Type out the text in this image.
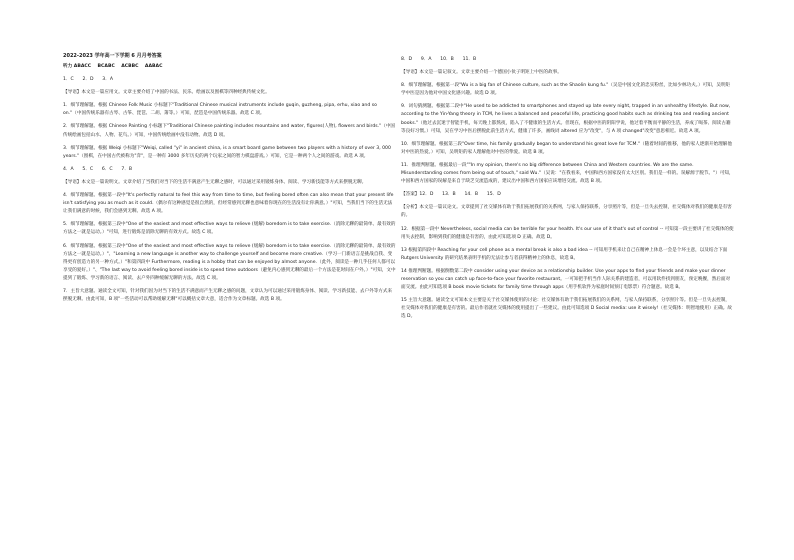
2022-2023 学年高一下学期 6 月月考答案

听力 ABACC    BCABC    ACBBC    AABAC

1．C      2．D      3．A

【导语】本文是一篇应用文。文章主要介绍了中国的书法、民乐、绘画以及围棋等四种经典传统文化。

1．细节理解题。根据 Chinese Folk Music 小标题下"Traditional Chinese musical instruments include guqin, guzheng, pipa, erhu, xiao and so on."（中国传统乐器有古琴、古筝、琵琶、二胡、箫等。）可知，琵琶是中国传统乐器。故选 C 项。

2．细节理解题。根据 Chinese Painting 小标题下"Traditional Chinese painting includes mountains and water, figures(人物), flowers and birds."（中国传统绘画包括山水、人物、花鸟。）可知，中国传统绘画中没有动物。故选 D 项。

3．细节理解题。根据 Weiqi 小标题下"Weiqi, called "yi" in ancient china, is a smart board game between two players with a history of over 3, 000 years."（围棋，在中国古代被称为"弈"，是一种有 3000 多年历史的两个玩家之间的智力棋盘游戏。）可知，它是一种两个人之间的游戏。故选 A 项。

4．A      5．C      6．C      7．B

【导语】本文是一篇说明文。文章介绍了当我们对当下的生活不满意产生无聊之感时，可以通过采用锻炼身体、阅读、学习新技能等方式来摆脱无聊。

4．细节理解题。根据第一段中"It's perfectly natural to feel this way from time to time, but feeling bored often can also mean that your present life isn't satisfying you as much as it could.（偶尔有这种感觉是很自然的，但经常感到无聊也意味着你现在的生活没有让你满意。）"可知，当我们当下的生活无法让我们满意的时候，我们会感到无聊。故选 A 项。

5．细节理解题。根据第三段中"One of the easiest and most effective ways to relieve (缓解) boredom is to take exercise.（消除无聊的最简单、最有效的方法之一就是运动。）"可知，进行锻炼是消除无聊的有效方式。故选 C 项。

6．细节理解题。根据第三段中"One of the easiest and most effective ways to relieve (缓解) boredom is to take exercise.（消除无聊的最简单、最有效的方法之一就是运动。）"、"Learning a new language is another way to challenge yourself and become more creative.（学习一门新语言是挑战自我、变得更有创造力的另一种方式。）"和第四段中 Furthermore, reading is a hobby that can be enjoyed by almost anyone.（此外，阅读是一种几乎任何人都可以享受的爱好。）"、"The last way to avoid feeling bored inside is to spend time outdoors（避免内心感到无聊的最后一个方法是花时间在户外。）"可知，文中提到了锻炼、学习新的语言、阅读、去户外四种缓解无聊的方法。故选 C 项。

7．主旨大意题。通读全文可知，针对我们因为对当下的生活不满意而产生无聊之感的问题，文章认为可以通过采用锻炼身体、阅读、学习新技能、去户外等方式来摆脱无聊。由此可知，B 项"一些活动可以帮助缓解无聊"可以概括文章大意，适合作为文章标题。故选 B 项。

8．D      9．A      10．B      11．B

【导语】本文是一篇记叙文。文章主要介绍一个德国小伙子明矩上中医的故事。

8．细节理解题。根据第一段"Wu is a big fan of Chinese culture, such as the Shaolin kung fu."（吴是中国文化的忠实粉丝，比如少林功夫。）可知，吴明矩学中医是因为他对中国文化感兴趣。故选 D 项。

9．词句猜测题。根据第二段中"He used to be addicted to smartphones and stayed up late every night, trapped in an unhealthy lifestyle. But now, according to the Yin-Yang theory in TCM, he lives a balanced and peaceful life, practicing good habits such as drinking tea and reading ancient books."（他过去沉迷于智能手机，每天晚上都熬夜，陷入了不健康的生活方式。但现在，根据中医的阴阳学说，他过着平衡而平静的生活，养成了喝茶、阅读古籍等良好习惯。）可知，吴在学习中医后摆脱此前生活方式，健康了许多，画线词 altered 应为"改变"，与 A 项 changed"改变"意思相近。故选 A 项。

10．细节理解题。根据第三段"Over time, his family gradually began to understand his great love for TCM."（随着时间的推移，他的家人逐渐开始理解他对中医的热爱。）可知，吴明矩的家人理解他对中医的挚爱。故选 B 项。

11．推理判断题。根据最后一段""In my opinion, there's no big difference between China and Western countries. We are the same. Misunderstanding comes from being out of touch," said Wu."（吴说："在我看来，中国和西方国家没有太大区别。我们是一样的。误解源于脱节。"）可知，中国和西方国家的误解是来自于缺乏交流造成的，建议出中国和西方国家应该增进交流。故选 B 项。

【答案】12．D      13．B      14．B      15．D

【分析】本文是一篇议论文。文章提到了社交媒体有助于我们拓展我们的关系网，与家人保持联系，分享照片等，但是一旦失去控制，社交媒体对我们的健康是有害的。

12．根据第一段中 Nevertheless, social media can be terrible for your health. It's our use of it that's out of control -- 可知第一段主要讲了社交媒体的使用失去控制，影响到我们的健康是有害的，由此可知选项 D 正确。故选 D。

13 根据第四段中 Reaching for your cell phone as a mental break is also a bad idea -- 可知用手机来让自己在精神上休息一会是个坏主意，以及结合下面 Rutgers University 的研究结果表明手机的无法让参与者获得精神上的休息，故选 B。

14 推理判断题。根据倒数第二段中 consider using your device as a relationship builder. Use your apps to find your friends and make your dinner reservation so you can catch up face-to-face your favorite restaurant。一可知把手机当作人际关系的建造者，可以用软件找到朋友，预定晚餐，然后面对面交流。由此可知选项 B book movie tickets for family time through apps（用手机软件为家庭时间预订电影票）符合题意。故选 B。

15 主旨大意题。通读全文可知本文主要是关于社交媒体使用的讨论：社交媒体有助于我们拓展我们的关系网，与家人保持联系，分享照片等。但是一旦失去控制，社交媒体对我们的健康是有害的。最后作者就社交媒体的使用提出了一些建议。由此可知选项 D Social media: use it wisely!（社交媒体：明智地使用）正确。故选 D。
